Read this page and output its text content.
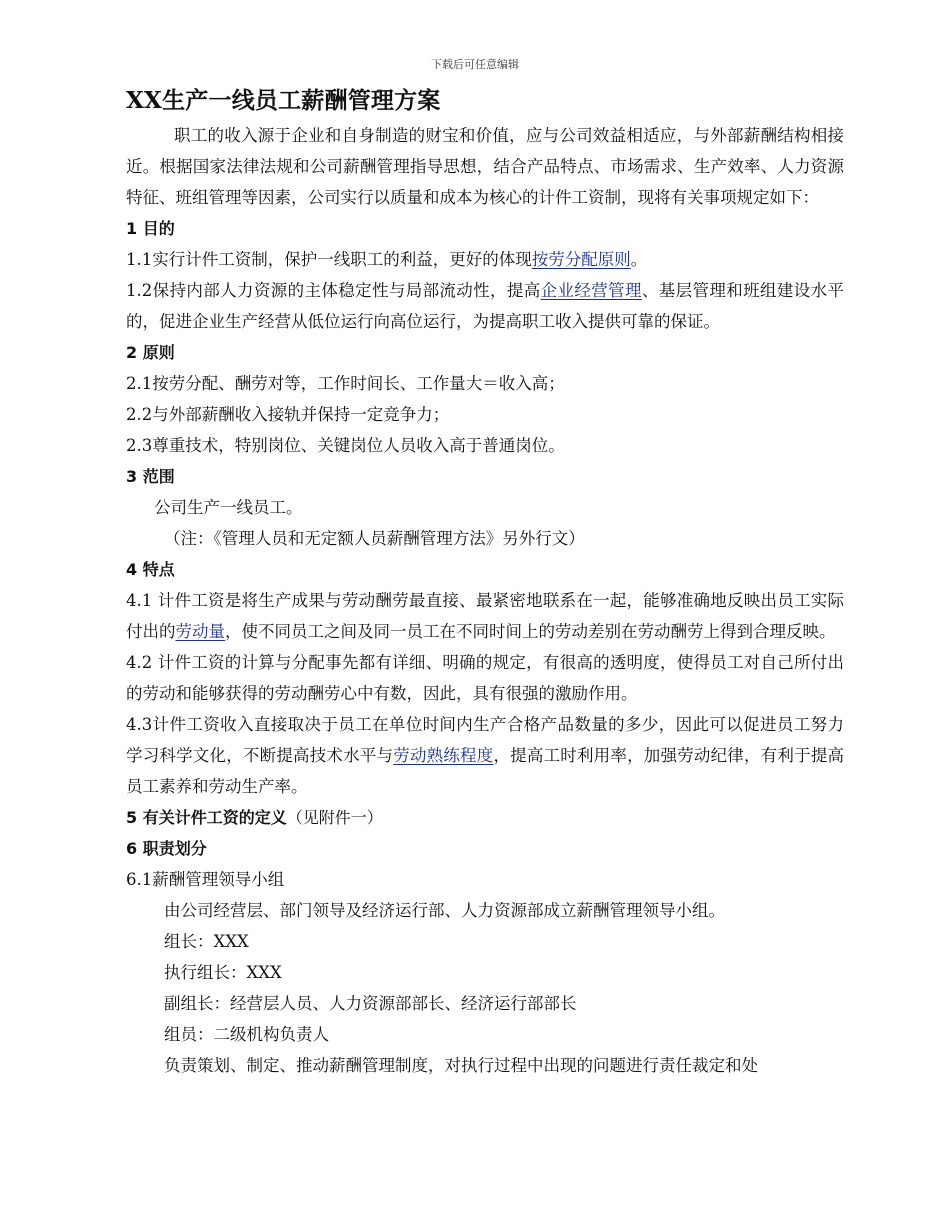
下载后可任意编辑
XX生产一线员工薪酬管理方案

职工的收入源于企业和自身制造的财宝和价值，应与公司效益相适应，与外部薪酬结构相接近。根据国家法律法规和公司薪酬管理指导思想，结合产品特点、市场需求、生产效率、人力资源特征、班组管理等因素，公司实行以质量和成本为核心的计件工资制，现将有关事项规定如下：

1 目的

1.1实行计件工资制，保护一线职工的利益，更好的体现按劳分配原则。

1.2保持内部人力资源的主体稳定性与局部流动性，提高企业经营管理、基层管理和班组建设水平的，促进企业生产经营从低位运行向高位运行，为提高职工收入提供可靠的保证。

2 原则

2.1按劳分配、酬劳对等，工作时间长、工作量大＝收入高；

2.2与外部薪酬收入接轨并保持一定竞争力；

2.3尊重技术，特别岗位、关键岗位人员收入高于普通岗位。

3 范围

公司生产一线员工。

（注：《管理人员和无定额人员薪酬管理方法》另外行文）

4 特点

4.1 计件工资是将生产成果与劳动酬劳最直接、最紧密地联系在一起，能够准确地反映出员工实际付出的劳动量，使不同员工之间及同一员工在不同时间上的劳动差别在劳动酬劳上得到合理反映。

4.2 计件工资的计算与分配事先都有详细、明确的规定，有很高的透明度，使得员工对自己所付出的劳动和能够获得的劳动酬劳心中有数，因此，具有很强的激励作用。

4.3计件工资收入直接取决于员工在单位时间内生产合格产品数量的多少，因此可以促进员工努力学习科学文化，不断提高技术水平与劳动熟练程度，提高工时利用率，加强劳动纪律，有利于提高员工素养和劳动生产率。

5 有关计件工资的定义（见附件一）

6 职责划分

6.1薪酬管理领导小组

由公司经营层、部门领导及经济运行部、人力资源部成立薪酬管理领导小组。

组长：XXX

执行组长：XXX

副组长：经营层人员、人力资源部部长、经济运行部部长

组员：二级机构负责人

负责策划、制定、推动薪酬管理制度，对执行过程中出现的问题进行责任裁定和处
